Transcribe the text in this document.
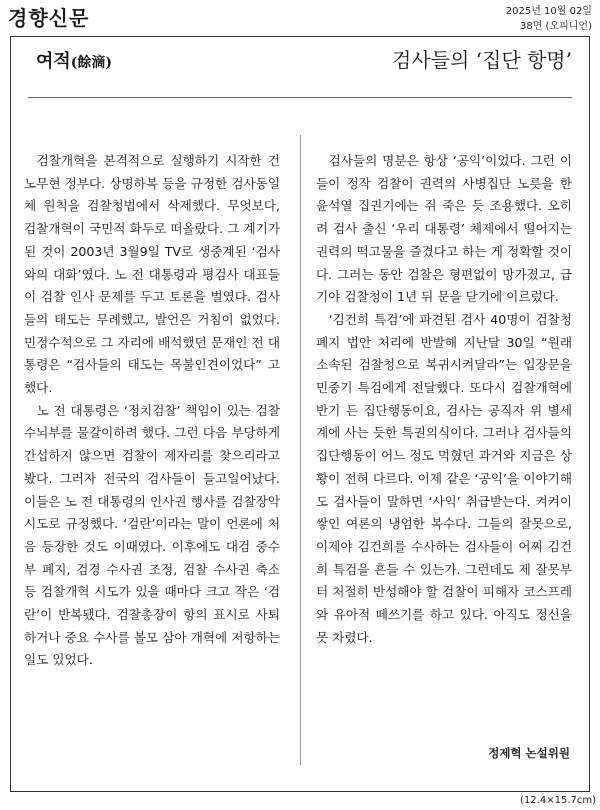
경향신문	2025년 10월 02일
38면 (오피니언)
여적(餘滴)	검사들의 ‘집단 항명’

검찰개혁을 본격적으로 실행하기 시작한 건 노무현 정부다. 상명하복 등을 규정한 검사동일체 원칙을 검찰청법에서 삭제했다. 무엇보다, 검찰개혁이 국민적 화두로 떠올랐다. 그 계기가 된 것이 2003년 3월9일 TV로 생중계된 ‘검사와의 대화’였다. 노 전 대통령과 평검사 대표들이 검찰 인사 문제를 두고 토론을 벌였다. 검사들의 태도는 무례했고, 발언은 거침이 없었다. 민정수석으로 그 자리에 배석했던 문재인 전 대통령은 “검사들의 태도는 목불인견이었다” 고 했다.

노 전 대통령은 ‘정치검찰’ 책임이 있는 검찰 수뇌부를 물갈이하려 했다. 그런 다음 부당하게 간섭하지 않으면 검찰이 제자리를 찾으리라고 봤다. 그러자 전국의 검사들이 들고일어났다. 이들은 노 전 대통령의 인사권 행사를 검찰장악 시도로 규정했다. ‘검란’이라는 말이 언론에 처음 등장한 것도 이때였다. 이후에도 대검 중수부 폐지, 검경 수사권 조정, 검찰 수사권 축소 등 검찰개혁 시도가 있을 때마다 크고 작은 ‘검란’이 반복됐다. 검찰총장이 항의 표시로 사퇴하거나 중요 수사를 볼모 삼아 개혁에 저항하는 일도 있었다.

검사들의 명분은 항상 ‘공익’이었다. 그런 이들이 정작 검찰이 권력의 사병집단 노릇을 한 윤석열 집권기에는 쥐 죽은 듯 조용했다. 오히려 검사 출신 ‘우리 대통령’ 체제에서 떨어지는 권력의 떡고물을 즐겼다고 하는 게 정확할 것이다. 그러는 동안 검찰은 형편없이 망가졌고, 급기야 검찰청이 1년 뒤 문을 닫기에 이르렀다.

‘김건희 특검’에 파견된 검사 40명이 검찰청 폐지 법안 처리에 반발해 지난달 30일 “원래 소속된 검찰청으로 복귀시켜달라”는 입장문을 민중기 특검에게 전달했다. 또다시 검찰개혁에 반기 든 집단행동이요, 검사는 공직자 위 별세계에 사는 듯한 특권의식이다. 그러나 검사들의 집단행동이 어느 정도 먹혔던 과거와 지금은 상황이 전혀 다르다. 이제 같은 ‘공익’을 이야기해도 검사들이 말하면 ‘사익’ 취급받는다. 켜켜이 쌓인 여론의 냉엄한 복수다. 그들의 잘못으로, 이제야 김건희를 수사하는 검사들이 어찌 김건희 특검을 흔들 수 있는가. 그런데도 제 잘못부터 처절히 반성해야 할 검찰이 피해자 코스프레와 유아적 떼쓰기를 하고 있다. 아직도 정신을 못 차렸다.

정제혁 논설위원
(12.4×15.7cm)
